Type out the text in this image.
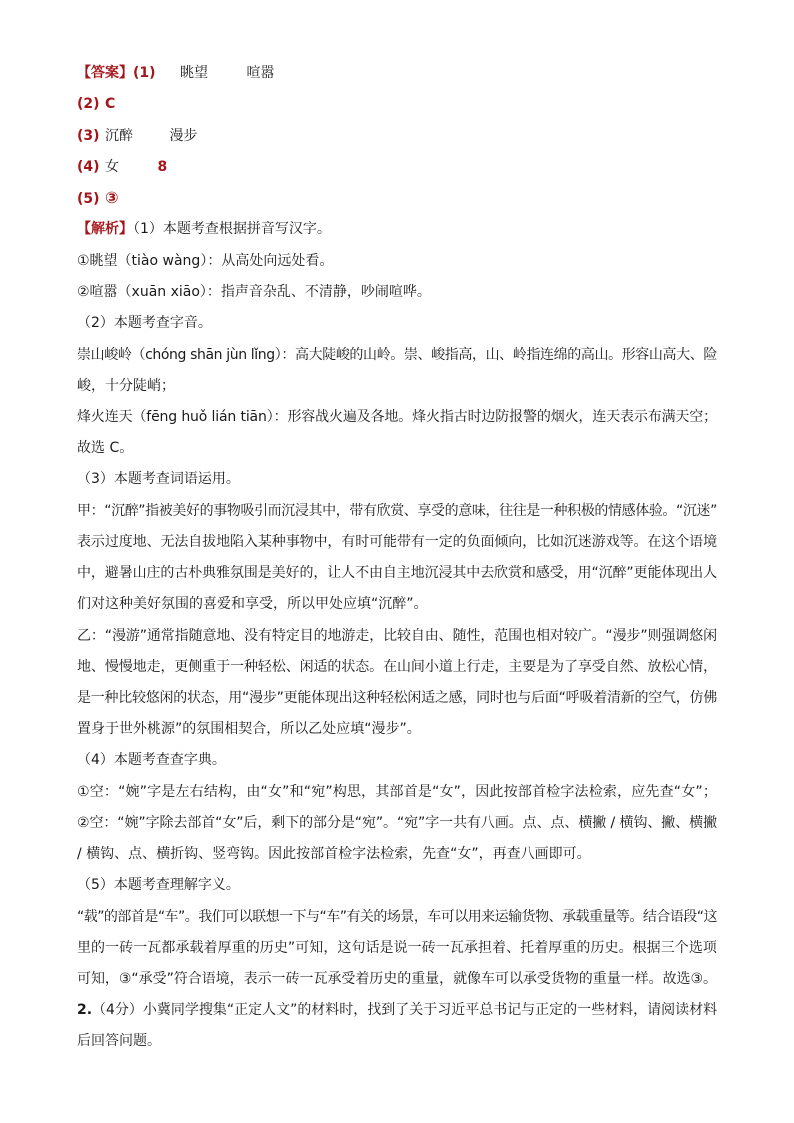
【答案】(1) 眺望	喧嚣
(2) C
(3) 沉醉	漫步
(4) 女	8
(5) ③
【解析】（1）本题考查根据拼音写汉字。
①眺望（tiào wàng）：从高处向远处看。
②喧嚣（xuān xiāo）：指声音杂乱、不清静，吵闹喧哗。
（2）本题考查字音。
崇山峻岭（chóng shān jùn lǐng）：高大陡峻的山岭。崇、峻指高，山、岭指连绵的高山。形容山高大、险
峻，十分陡峭；
烽火连天（fēng huǒ lián tiān）：形容战火遍及各地。烽火指古时边防报警的烟火，连天表示布满天空；
故选 C。
（3）本题考查词语运用。
甲：“沉醉”指被美好的事物吸引而沉浸其中，带有欣赏、享受的意味，往往是一种积极的情感体验。“沉迷”
表示过度地、无法自拔地陷入某种事物中，有时可能带有一定的负面倾向，比如沉迷游戏等。在这个语境
中，避暑山庄的古朴典雅氛围是美好的，让人不由自主地沉浸其中去欣赏和感受，用“沉醉”更能体现出人
们对这种美好氛围的喜爱和享受，所以甲处应填“沉醉”。
乙：“漫游”通常指随意地、没有特定目的地游走，比较自由、随性，范围也相对较广。“漫步”则强调悠闲
地、慢慢地走，更侧重于一种轻松、闲适的状态。在山间小道上行走，主要是为了享受自然、放松心情，
是一种比较悠闲的状态，用“漫步”更能体现出这种轻松闲适之感，同时也与后面“呼吸着清新的空气，仿佛
置身于世外桃源”的氛围相契合，所以乙处应填“漫步”。
（4）本题考查查字典。
①空：“婉”字是左右结构，由“女”和“宛”构思，其部首是“女”，因此按部首检字法检索，应先查“女”；
②空：“婉”字除去部首“女”后，剩下的部分是“宛”。“宛”字一共有八画。点、点、横撇 / 横钩、撇、横撇
/ 横钩、点、横折钩、竖弯钩。因此按部首检字法检索，先查“女”，再查八画即可。
（5）本题考查理解字义。
“载”的部首是“车”。我们可以联想一下与“车”有关的场景，车可以用来运输货物、承载重量等。结合语段“这
里的一砖一瓦都承载着厚重的历史”可知，这句话是说一砖一瓦承担着、托着厚重的历史。根据三个选项
可知，③“承受”符合语境，表示一砖一瓦承受着历史的重量，就像车可以承受货物的重量一样。故选③。
2.（4分）小冀同学搜集“正定人文”的材料时，找到了关于习近平总书记与正定的一些材料，请阅读材料
后回答问题。
